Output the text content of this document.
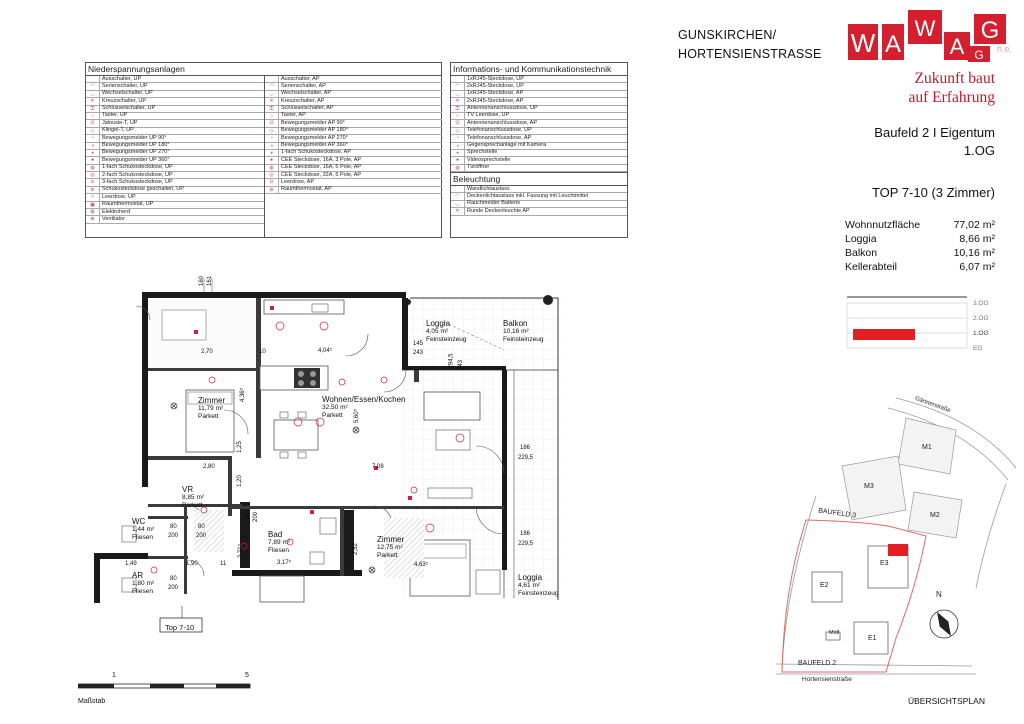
Niederspannungsanlagen
⌒	Ausschalter, UP
◠	Serienschalter, UP
◡	Wechselschalter, UP
✕	Kreuzschalter, UP
⚿	Schlüsselschalter, UP
○	Taster, UP
⊡	Jalousie-T, UP
◇	Klingel-T, UP
◔	Bewegungsmelder UP 90°
◑	Bewegungsmelder UP 180°
◕	Bewegungsmelder UP 270°
●	Bewegungsmelder UP 360°
◍	1-fach Schukosteckdose, UP
◎	2-fach Schukosteckdose, UP
⊙	3-fach Schukosteckdose, UP
⊚	Schukosteckdose geschalten, UP
□	Leerdose, UP
▣	Raumthermostat, UP
⊠	Elektroherd
⊗	Ventilator
⌒	Ausschalter, AP
◠	Serienschalter, AP
◡	Wechselschalter, AP
✕	Kreuzschalter, AP
⚿	Schlüsselschalter, AP
○	Taster, AP
⊡	Bewegungsmelder AP 90°
◇	Bewegungsmelder AP 180°
◔	Bewegungsmelder AP 270°
◑	Bewegungsmelder AP 360°
◕	1-fach Schukosteckdose, AP
●	CEE Steckdose, 16A, 3 Pole, AP
◍	CEE Steckdose, 16A, 5 Pole, AP
◎	CEE Steckdose, 32A, 5 Pole, AP
⊙	Leerdose, AP
⊚	Raumthermostat, AP
Informations- und Kommunikationstechnik
⌒	1xRJ45-Steckdose, UP
◠	2xRJ45-Steckdose, UP
◡	1xRJ45-Steckdose, AP
✕	2xRJ45-Steckdose, AP
⚿	Antennenanschlussdose, UP
○	TV Leerdose, UP
⊡	Antennenanschlussdose, AP
◇	Telefonanschlussdose, UP
◔	Telefonanschlussdose, AP
◑	Gegensprechanlage mit Kamera
◕	Sprechstelle
●	Videosprechstelle
◍	Türöffner
Beleuchtung
⌒	Wandlichtauslass
◠	Deckenlichtauslass inkl. Fassung mit Leuchtmittel
◡	Rauchmelder Batterie
✕	Runde Deckenleuchte AP
GUNSKIRCHEN/
HORTENSIENSTRASSE W A
W
A
G
G h.e.
Zukunft baut
auf Erfahrung
Baufeld 2 I Eigentum
1.OG
TOP 7-10 (3 Zimmer)
Wohnnutzfläche	77,02 m²
Loggia	8,66 m²
Balkon	10,16 m²
Kellerabteil	6,07 m²
3.OG
2.OG
1.OG
EG
Zimmer
11,79 m²
Parkett
Wohnen/Essen/Kochen
32,50 m²
Parkett
Loggia
4,05 m²
Feinsteinzeug
Balkon
10,16 m²
Feinsteinzeug
VR
8,85 m²
Parkett
WC
1,44 m²
Fliesen
AR
1,80 m²
Fliesen
Bad
7,89 m²
Fliesen
Zimmer
12,75 m²
Parkett
Loggia
4,61 m²
Feinsteinzeug
2,70	10	4,04⁵
145
243
294,5 243
4,36⁵
5,60⁵
1,25
2,80	7,08
186
229,5
1,20
80
200
80
200
80 200
2,71⁵
3,17⁵
2,52
10	4,63⁵
186
229,5
1,49	1,90	11
80
200
160 161
Top 7-10
1	5
Maßstab
M1
M3
M2
E3
E2
E1
Müll
N
BAUFELD 3
BAUFELD 2
Gärtnerstraße
Hortensienstraße
ÜBERSICHTSPLAN
